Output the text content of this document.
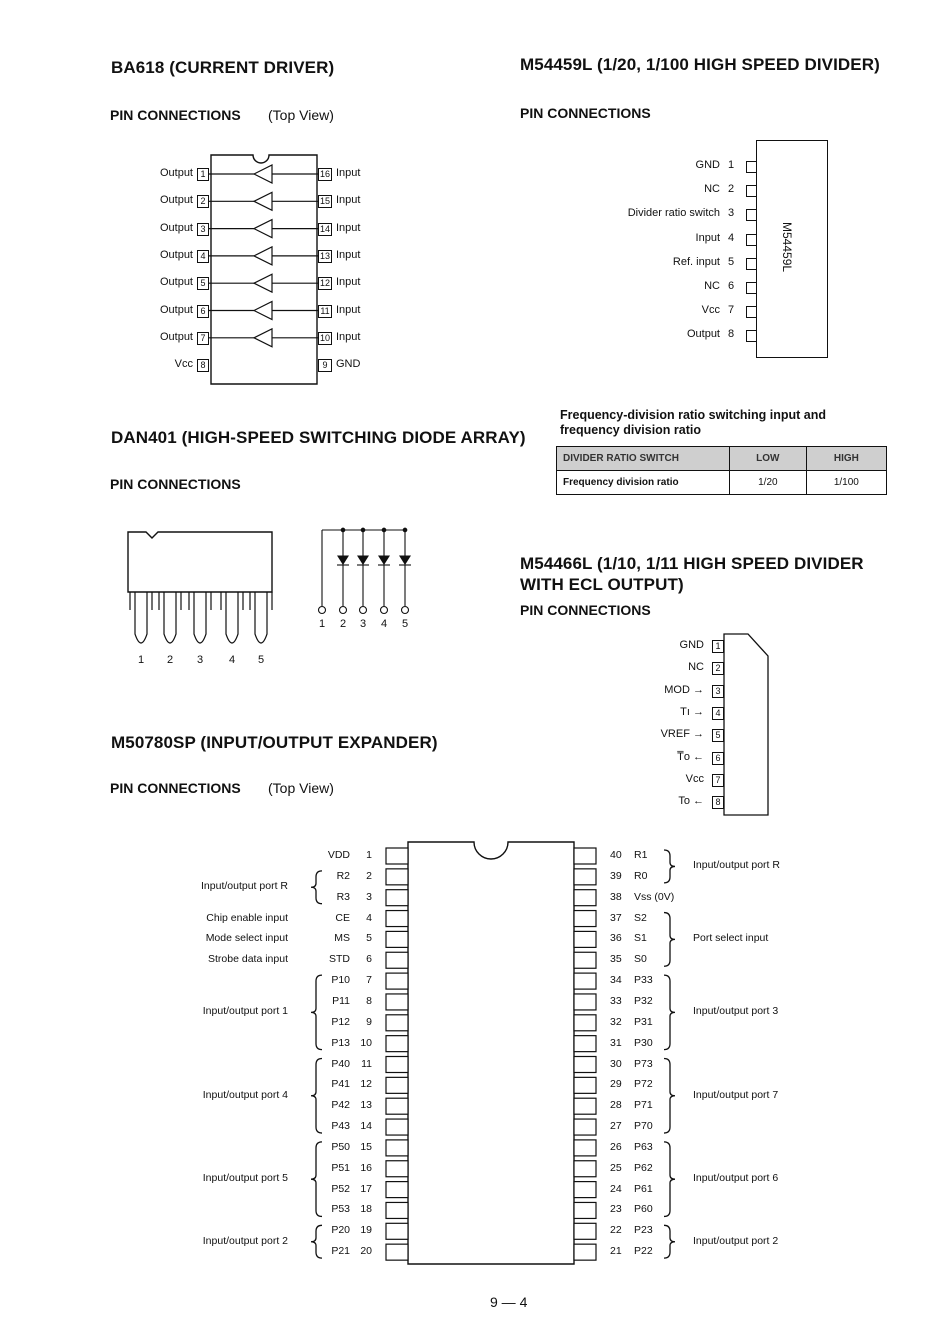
BA618 (CURRENT DRIVER)
PIN CONNECTIONS (Top View)
Output 1
Output 2
Output 3
Output 4
Output 5
Output 6
Output 7
Vcc 8
16 Input
15 Input
14 Input
13 Input
12 Input
11 Input
10 Input
9 GND
M54459L (1/20, 1/100 HIGH SPEED DIVIDER)
PIN CONNECTIONS
M54459L
GND 1
NC 2
Divider ratio switch 3
Input 4
Ref. input 5
NC 6
Vcc 7
Output 8
Frequency-division ratio switching input and
frequency division ratio
DIVIDER RATIO SWITCH	LOW	HIGH
Frequency division ratio	1/20	1/100
DAN401 (HIGH-SPEED SWITCHING DIODE ARRAY)
PIN CONNECTIONS
1 2 3 4 5
1 2 3 4 5
M54466L (1/10, 1/11 HIGH SPEED DIVIDER
WITH ECL OUTPUT)
PIN CONNECTIONS
GND	1
NC	2
MOD →	3
Tı →	4
VREF →	5
T̅o ←	6
Vcc	7
To ←	8
M50780SP (INPUT/OUTPUT EXPANDER)
PIN CONNECTIONS (Top View)
VDD	1
R2	2
R3	3
CE	4
MS	5
STD	6
P10	7
P11	8
P12	9
P13 10
P40	11
P41 12
P42 13
P43 14
P50 15
P51 16
P52 17
P53 18
P20 19
P21 20
40	R1
39	R0
38	Vss (0V)
37	S2
36	S1
35	S0
34	P33
33	P32
32	P31
31	P30
30	P73
29	P72
28	P71
27	P70
26	P63
25	P62
24	P61
23	P60
22	P23
21	P22
Input/output port R
Chip enable input
Mode select input
Strobe data input
Input/output port 1
Input/output port 4
Input/output port 5
Input/output port 2
Input/output port R
Port select input
Input/output port 3
Input/output port 7
Input/output port 6
Input/output port 2
9 — 4
